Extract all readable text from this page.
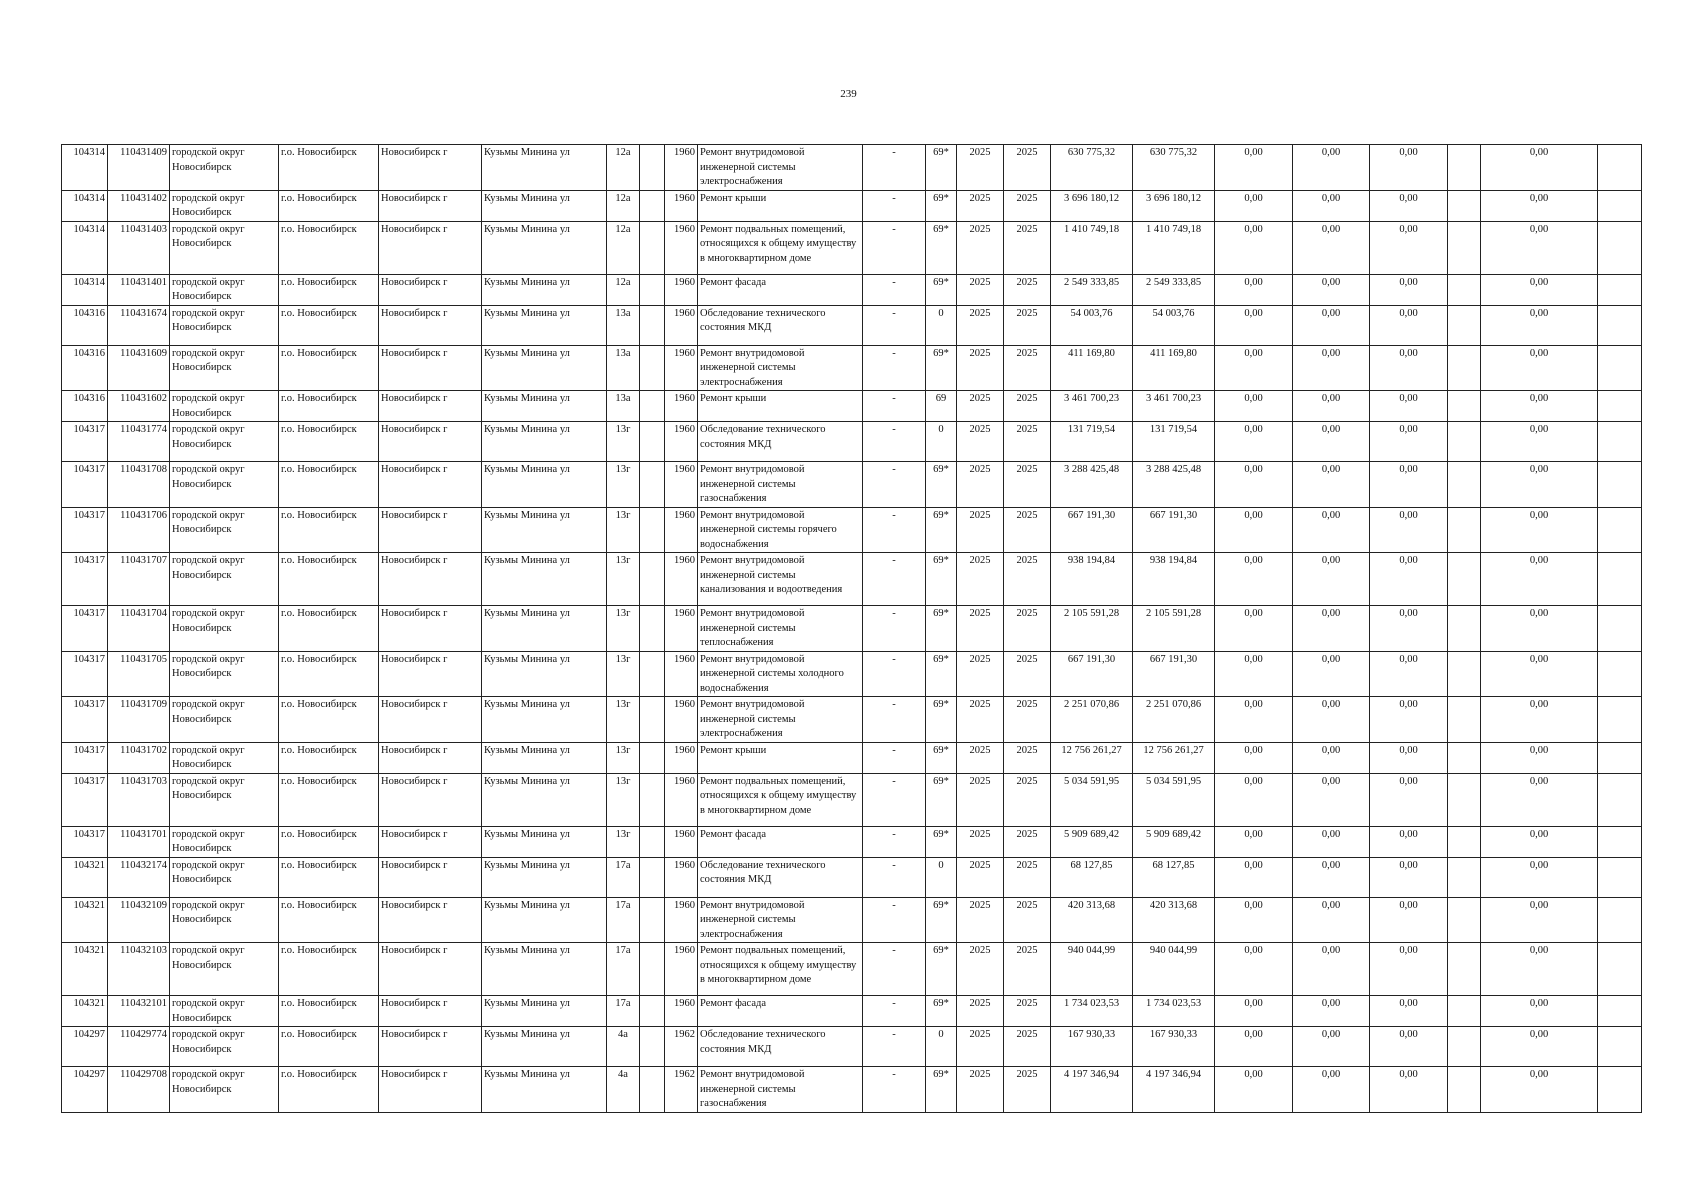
239
104314	110431409	городской округ Новосибирск	г.о. Новосибирск	Новосибирск г	Кузьмы Минина ул	12а		1960	Ремонт внутридомовой инженерной системы электроснабжения	-	69*	2025	2025	630 775,32	630 775,32	0,00	0,00	0,00		0,00	
104314	110431402	городской округ Новосибирск	г.о. Новосибирск	Новосибирск г	Кузьмы Минина ул	12а		1960	Ремонт крыши	-	69*	2025	2025	3 696 180,12	3 696 180,12	0,00	0,00	0,00		0,00	
104314	110431403	городской округ Новосибирск	г.о. Новосибирск	Новосибирск г	Кузьмы Минина ул	12а		1960	Ремонт подвальных помещений, относящихся к общему имуществу в многоквартирном доме	-	69*	2025	2025	1 410 749,18	1 410 749,18	0,00	0,00	0,00		0,00	
104314	110431401	городской округ Новосибирск	г.о. Новосибирск	Новосибирск г	Кузьмы Минина ул	12а		1960	Ремонт фасада	-	69*	2025	2025	2 549 333,85	2 549 333,85	0,00	0,00	0,00		0,00	
104316	110431674	городской округ Новосибирск	г.о. Новосибирск	Новосибирск г	Кузьмы Минина ул	13а		1960	Обследование технического состояния МКД	-	0	2025	2025	54 003,76	54 003,76	0,00	0,00	0,00		0,00	
104316	110431609	городской округ Новосибирск	г.о. Новосибирск	Новосибирск г	Кузьмы Минина ул	13а		1960	Ремонт внутридомовой инженерной системы электроснабжения	-	69*	2025	2025	411 169,80	411 169,80	0,00	0,00	0,00		0,00	
104316	110431602	городской округ Новосибирск	г.о. Новосибирск	Новосибирск г	Кузьмы Минина ул	13а		1960	Ремонт крыши	-	69	2025	2025	3 461 700,23	3 461 700,23	0,00	0,00	0,00		0,00	
104317	110431774	городской округ Новосибирск	г.о. Новосибирск	Новосибирск г	Кузьмы Минина ул	13г		1960	Обследование технического состояния МКД	-	0	2025	2025	131 719,54	131 719,54	0,00	0,00	0,00		0,00	
104317	110431708	городской округ Новосибирск	г.о. Новосибирск	Новосибирск г	Кузьмы Минина ул	13г		1960	Ремонт внутридомовой инженерной системы газоснабжения	-	69*	2025	2025	3 288 425,48	3 288 425,48	0,00	0,00	0,00		0,00	
104317	110431706	городской округ Новосибирск	г.о. Новосибирск	Новосибирск г	Кузьмы Минина ул	13г		1960	Ремонт внутридомовой инженерной системы горячего водоснабжения	-	69*	2025	2025	667 191,30	667 191,30	0,00	0,00	0,00		0,00	
104317	110431707	городской округ Новосибирск	г.о. Новосибирск	Новосибирск г	Кузьмы Минина ул	13г		1960	Ремонт внутридомовой инженерной системы канализования и водоотведения	-	69*	2025	2025	938 194,84	938 194,84	0,00	0,00	0,00		0,00	
104317	110431704	городской округ Новосибирск	г.о. Новосибирск	Новосибирск г	Кузьмы Минина ул	13г		1960	Ремонт внутридомовой инженерной системы теплоснабжения	-	69*	2025	2025	2 105 591,28	2 105 591,28	0,00	0,00	0,00		0,00	
104317	110431705	городской округ Новосибирск	г.о. Новосибирск	Новосибирск г	Кузьмы Минина ул	13г		1960	Ремонт внутридомовой инженерной системы холодного водоснабжения	-	69*	2025	2025	667 191,30	667 191,30	0,00	0,00	0,00		0,00	
104317	110431709	городской округ Новосибирск	г.о. Новосибирск	Новосибирск г	Кузьмы Минина ул	13г		1960	Ремонт внутридомовой инженерной системы электроснабжения	-	69*	2025	2025	2 251 070,86	2 251 070,86	0,00	0,00	0,00		0,00	
104317	110431702	городской округ Новосибирск	г.о. Новосибирск	Новосибирск г	Кузьмы Минина ул	13г		1960	Ремонт крыши	-	69*	2025	2025	12 756 261,27	12 756 261,27	0,00	0,00	0,00		0,00	
104317	110431703	городской округ Новосибирск	г.о. Новосибирск	Новосибирск г	Кузьмы Минина ул	13г		1960	Ремонт подвальных помещений, относящихся к общему имуществу в многоквартирном доме	-	69*	2025	2025	5 034 591,95	5 034 591,95	0,00	0,00	0,00		0,00	
104317	110431701	городской округ Новосибирск	г.о. Новосибирск	Новосибирск г	Кузьмы Минина ул	13г		1960	Ремонт фасада	-	69*	2025	2025	5 909 689,42	5 909 689,42	0,00	0,00	0,00		0,00	
104321	110432174	городской округ Новосибирск	г.о. Новосибирск	Новосибирск г	Кузьмы Минина ул	17а		1960	Обследование технического состояния МКД	-	0	2025	2025	68 127,85	68 127,85	0,00	0,00	0,00		0,00	
104321	110432109	городской округ Новосибирск	г.о. Новосибирск	Новосибирск г	Кузьмы Минина ул	17а		1960	Ремонт внутридомовой инженерной системы электроснабжения	-	69*	2025	2025	420 313,68	420 313,68	0,00	0,00	0,00		0,00	
104321	110432103	городской округ Новосибирск	г.о. Новосибирск	Новосибирск г	Кузьмы Минина ул	17а		1960	Ремонт подвальных помещений, относящихся к общему имуществу в многоквартирном доме	-	69*	2025	2025	940 044,99	940 044,99	0,00	0,00	0,00		0,00	
104321	110432101	городской округ Новосибирск	г.о. Новосибирск	Новосибирск г	Кузьмы Минина ул	17а		1960	Ремонт фасада	-	69*	2025	2025	1 734 023,53	1 734 023,53	0,00	0,00	0,00		0,00	
104297	110429774	городской округ Новосибирск	г.о. Новосибирск	Новосибирск г	Кузьмы Минина ул	4а		1962	Обследование технического состояния МКД	-	0	2025	2025	167 930,33	167 930,33	0,00	0,00	0,00		0,00	
104297	110429708	городской округ Новосибирск	г.о. Новосибирск	Новосибирск г	Кузьмы Минина ул	4а		1962	Ремонт внутридомовой инженерной системы газоснабжения	-	69*	2025	2025	4 197 346,94	4 197 346,94	0,00	0,00	0,00		0,00	
